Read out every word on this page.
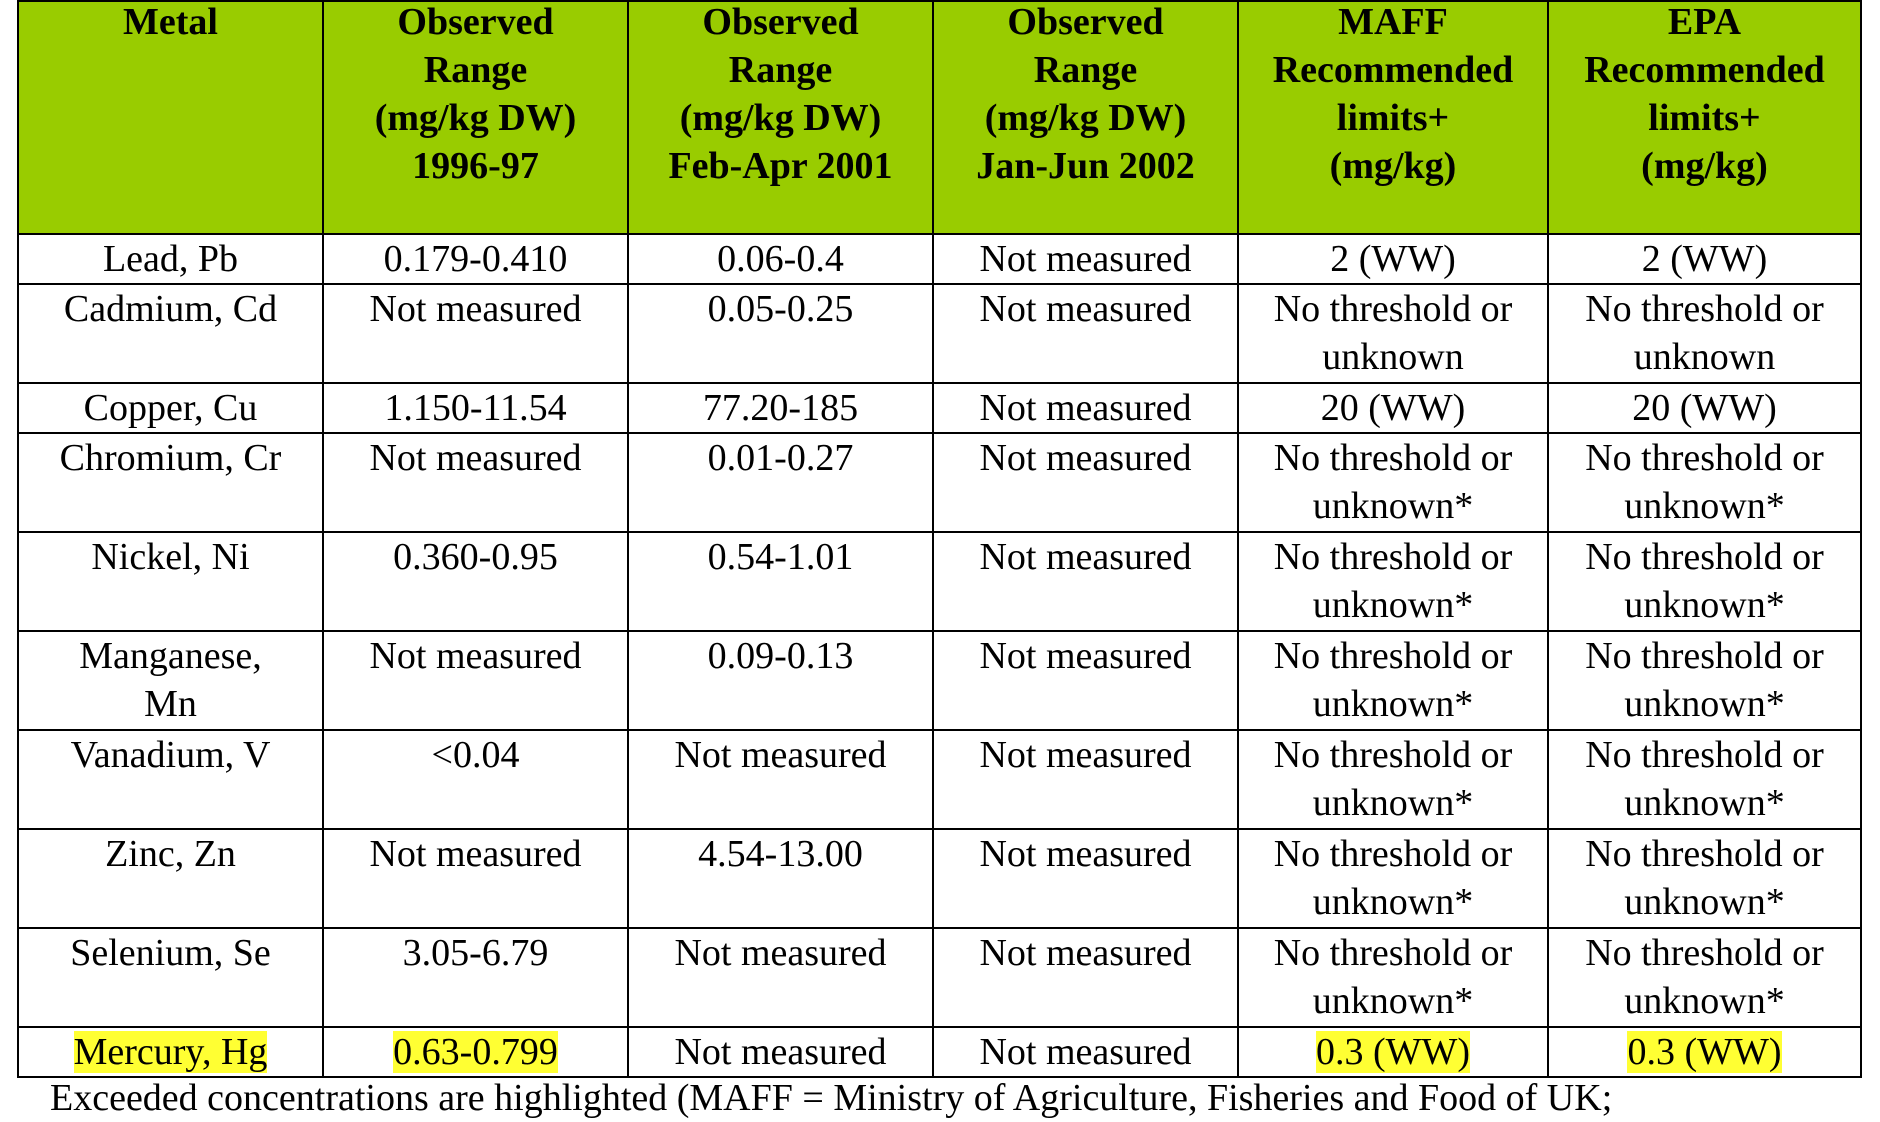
Metal	Observed
Range
(mg/kg DW)
1996-97	Observed
Range
(mg/kg DW)
Feb-Apr 2001	Observed
Range
(mg/kg DW)
Jan-Jun 2002	MAFF
Recommended
limits+
(mg/kg)	EPA
Recommended
limits+
(mg/kg)

Lead, Pb	0.179-0.410	0.06-0.4	Not measured	2 (WW)	2 (WW)

Cadmium, Cd	Not measured	0.05-0.25	Not measured	No threshold or
unknown	No threshold or
unknown

Copper, Cu	1.150-11.54	77.20-185	Not measured	20 (WW)	20 (WW)

Chromium, Cr	Not measured	0.01-0.27	Not measured	No threshold or
unknown*	No threshold or
unknown*

Nickel, Ni	0.360-0.95	0.54-1.01	Not measured	No threshold or
unknown*	No threshold or
unknown*

Manganese,
Mn	Not measured	0.09-0.13	Not measured	No threshold or
unknown*	No threshold or
unknown*

Vanadium, V	<0.04	Not measured	Not measured	No threshold or
unknown*	No threshold or
unknown*

Zinc, Zn	Not measured	4.54-13.00	Not measured	No threshold or
unknown*	No threshold or
unknown*

Selenium, Se	3.05-6.79	Not measured	Not measured	No threshold or
unknown*	No threshold or
unknown*

Mercury, Hg	0.63-0.799	Not measured	Not measured	0.3 (WW)	0.3 (WW)
Exceeded concentrations are highlighted (MAFF = Ministry of Agriculture, Fisheries and Food of UK;
